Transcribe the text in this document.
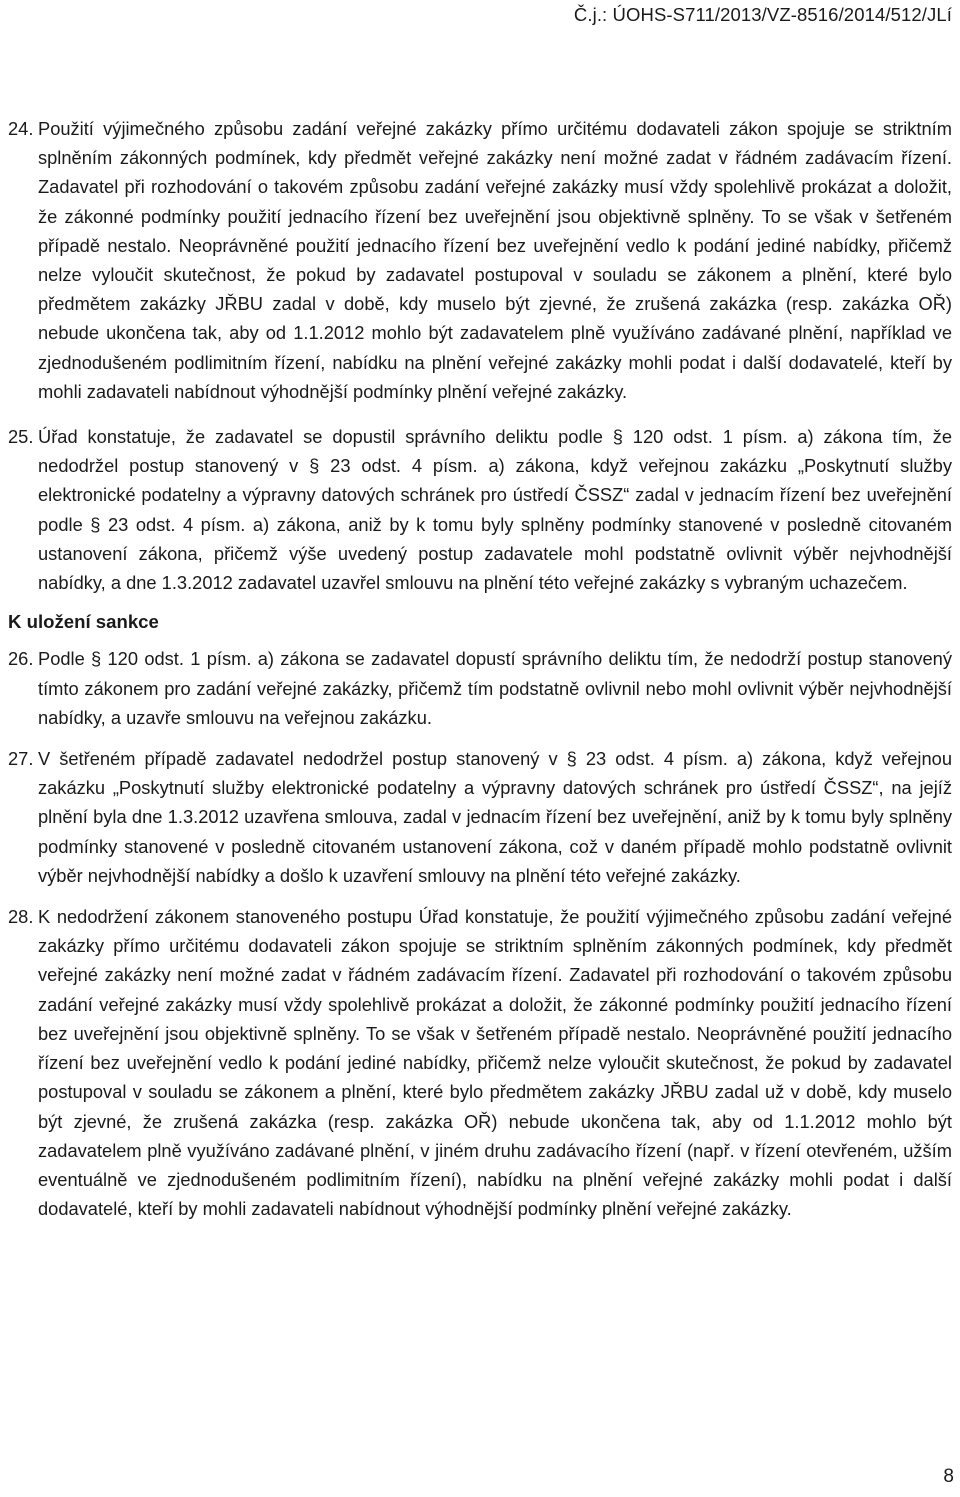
Č.j.: ÚOHS-S711/2013/VZ-8516/2014/512/JLí
24. Použití výjimečného způsobu zadání veřejné zakázky přímo určitému dodavateli zákon spojuje se striktním splněním zákonných podmínek, kdy předmět veřejné zakázky není možné zadat v řádném zadávacím řízení. Zadavatel při rozhodování o takovém způsobu zadání veřejné zakázky musí vždy spolehlivě prokázat a doložit, že zákonné podmínky použití jednacího řízení bez uveřejnění jsou objektivně splněny. To se však v šetřeném případě nestalo. Neoprávněné použití jednacího řízení bez uveřejnění vedlo k podání jediné nabídky, přičemž nelze vyloučit skutečnost, že pokud by zadavatel postupoval v souladu se zákonem a plnění, které bylo předmětem zakázky JŘBU zadal v době, kdy muselo být zjevné, že zrušená zakázka (resp. zakázka OŘ) nebude ukončena tak, aby od 1.1.2012 mohlo být zadavatelem plně využíváno zadávané plnění, například ve zjednodušeném podlimitním řízení, nabídku na plnění veřejné zakázky mohli podat i další dodavatelé, kteří by mohli zadavateli nabídnout výhodnější podmínky plnění veřejné zakázky.
25. Úřad konstatuje, že zadavatel se dopustil správního deliktu podle § 120 odst. 1 písm. a) zákona tím, že nedodržel postup stanovený v § 23 odst. 4 písm. a) zákona, když veřejnou zakázku „Poskytnutí služby elektronické podatelny a výpravny datových schránek pro ústředí ČSSZ“ zadal v jednacím řízení bez uveřejnění podle § 23 odst. 4 písm. a) zákona, aniž by k tomu byly splněny podmínky stanovené v posledně citovaném ustanovení zákona, přičemž výše uvedený postup zadavatele mohl podstatně ovlivnit výběr nejvhodnější nabídky, a dne 1.3.2012 zadavatel uzavřel smlouvu na plnění této veřejné zakázky s vybraným uchazečem.
K uložení sankce
26. Podle § 120 odst. 1 písm. a) zákona se zadavatel dopustí správního deliktu tím, že nedodrží postup stanovený tímto zákonem pro zadání veřejné zakázky, přičemž tím podstatně ovlivnil nebo mohl ovlivnit výběr nejvhodnější nabídky, a uzavře smlouvu na veřejnou zakázku.
27. V šetřeném případě zadavatel nedodržel postup stanovený v § 23 odst. 4 písm. a) zákona, když veřejnou zakázku „Poskytnutí služby elektronické podatelny a výpravny datových schránek pro ústředí ČSSZ“, na jejíž plnění byla dne 1.3.2012 uzavřena smlouva, zadal v jednacím řízení bez uveřejnění, aniž by k tomu byly splněny podmínky stanovené v posledně citovaném ustanovení zákona, což v daném případě mohlo podstatně ovlivnit výběr nejvhodnější nabídky a došlo k uzavření smlouvy na plnění této veřejné zakázky.
28. K nedodržení zákonem stanoveného postupu Úřad konstatuje, že použití výjimečného způsobu zadání veřejné zakázky přímo určitému dodavateli zákon spojuje se striktním splněním zákonných podmínek, kdy předmět veřejné zakázky není možné zadat v řádném zadávacím řízení. Zadavatel při rozhodování o takovém způsobu zadání veřejné zakázky musí vždy spolehlivě prokázat a doložit, že zákonné podmínky použití jednacího řízení bez uveřejnění jsou objektivně splněny. To se však v šetřeném případě nestalo. Neoprávněné použití jednacího řízení bez uveřejnění vedlo k podání jediné nabídky, přičemž nelze vyloučit skutečnost, že pokud by zadavatel postupoval v souladu se zákonem a plnění, které bylo předmětem zakázky JŘBU zadal už v době, kdy muselo být zjevné, že zrušená zakázka (resp. zakázka OŘ) nebude ukončena tak, aby od 1.1.2012 mohlo být zadavatelem plně využíváno zadávané plnění, v jiném druhu zadávacího řízení (např. v řízení otevřeném, užším eventuálně ve zjednodušeném podlimitním řízení), nabídku na plnění veřejné zakázky mohli podat i další dodavatelé, kteří by mohli zadavateli nabídnout výhodnější podmínky plnění veřejné zakázky.
8
